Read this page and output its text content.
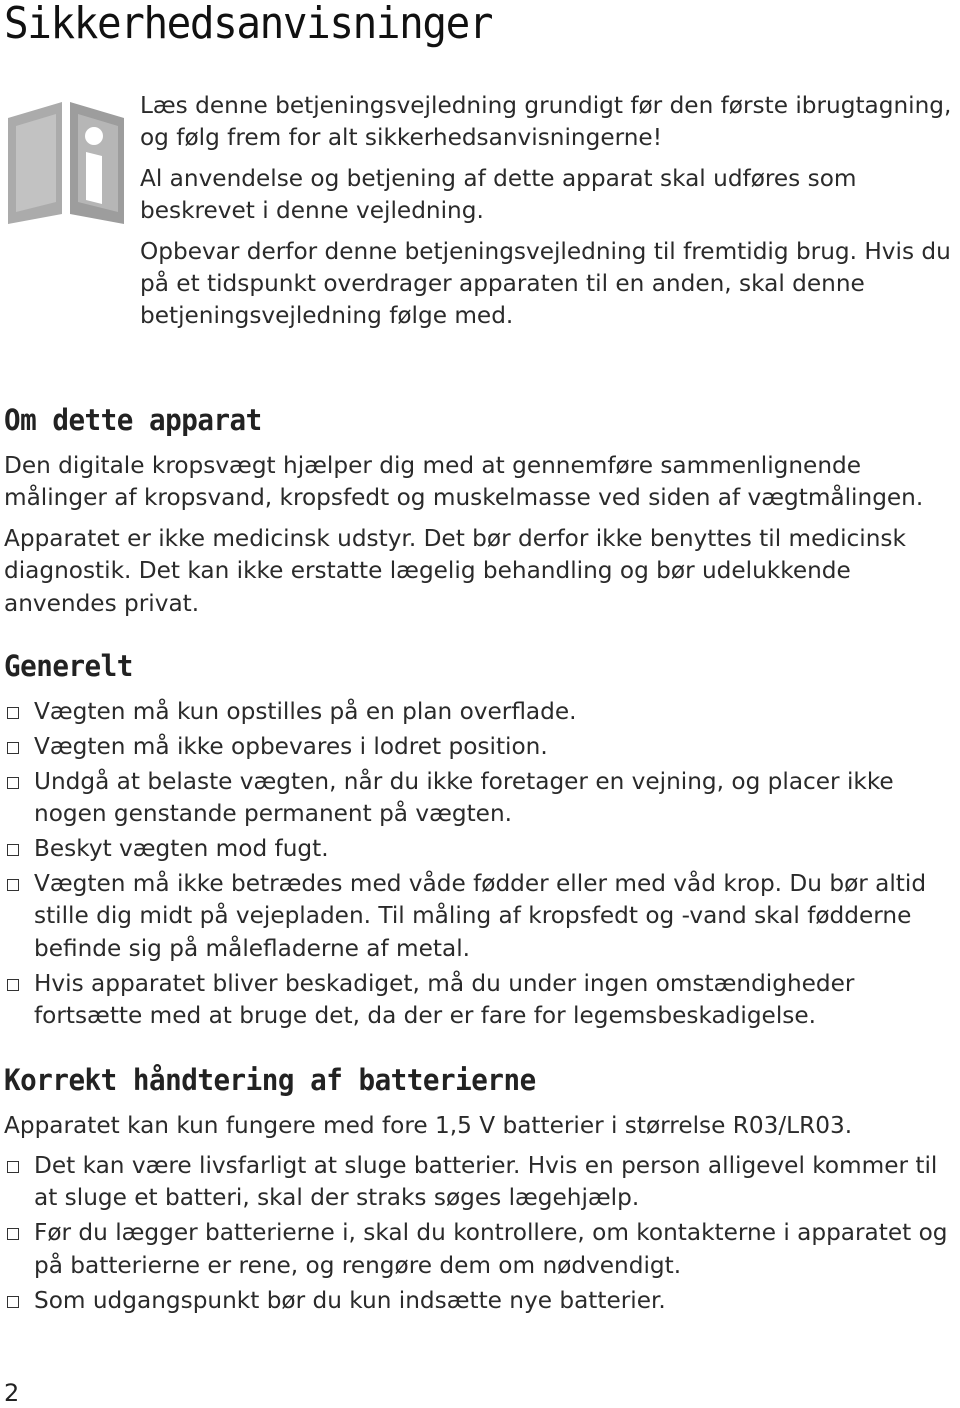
Sikkerhedsanvisninger

Læs denne betjeningsvejledning grundigt før den første ibrugtagning, og følg frem for alt sikkerhedsanvisningerne!

Al anvendelse og betjening af dette apparat skal udføres som beskrevet i denne vejledning.

Opbevar derfor denne betjeningsvejledning til fremtidig brug. Hvis du på et tidspunkt overdrager apparaten til en anden, skal denne betjeningsvejledning følge med.

Om dette apparat

Den digitale kropsvægt hjælper dig med at gennemføre sammenlignende målinger af kropsvand, kropsfedt og muskelmasse ved siden af vægtmålingen.

Apparatet er ikke medicinsk udstyr. Det bør derfor ikke benyttes til medicinsk diagnostik. Det kan ikke erstatte lægelig behandling og bør udelukkende anvendes privat.

Generelt
Vægten må kun opstilles på en plan overflade.
Vægten må ikke opbevares i lodret position.
Undgå at belaste vægten, når du ikke foretager en vejning, og placer ikke nogen genstande permanent på vægten.
Beskyt vægten mod fugt.
Vægten må ikke betrædes med våde fødder eller med våd krop. Du bør altid stille dig midt på vejepladen. Til måling af kropsfedt og -vand skal fødderne befinde sig på målefladerne af metal.
Hvis apparatet bliver beskadiget, må du under ingen omstændigheder fortsætte med at bruge det, da der er fare for legemsbeskadigelse.
Korrekt håndtering af batterierne

Apparatet kan kun fungere med fore 1,5 V batterier i størrelse R03/LR03.

Det kan være livsfarligt at sluge batterier. Hvis en person alligevel kommer til at sluge et batteri, skal der straks søges lægehjælp.
Før du lægger batterierne i, skal du kontrollere, om kontakterne i apparatet og på batterierne er rene, og rengøre dem om nødvendigt.
Som udgangspunkt bør du kun indsætte nye batterier.
2
